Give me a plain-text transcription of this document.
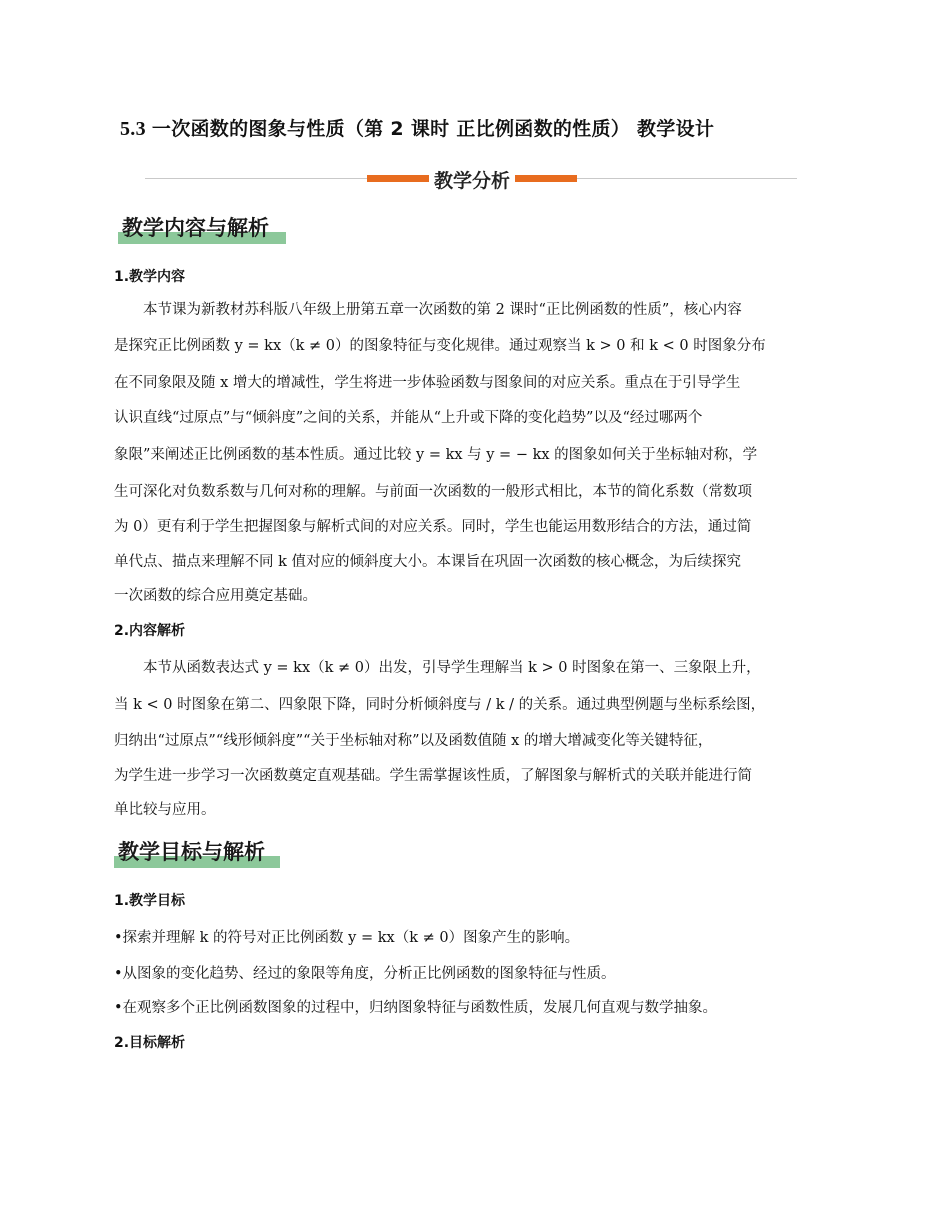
5.3 一次函数的图象与性质（第 2 课时 正比例函数的性质） 教学设计
教学分析
教学内容与解析
1.教学内容
　　本节课为新教材苏科版八年级上册第五章一次函数的第 2 课时“正比例函数的性质”，核心内容
是探究正比例函数 y = kx（k ≠ 0）的图象特征与变化规律。通过观察当 k > 0 和 k < 0 时图象分布
在不同象限及随 x 增大的增减性，学生将进一步体验函数与图象间的对应关系。重点在于引导学生
认识直线“过原点”与“倾斜度”之间的关系，并能从“上升或下降的变化趋势”以及“经过哪两个
象限”来阐述正比例函数的基本性质。通过比较 y = kx 与 y = − kx 的图象如何关于坐标轴对称，学
生可深化对负数系数与几何对称的理解。与前面一次函数的一般形式相比，本节的简化系数（常数项
为 0）更有利于学生把握图象与解析式间的对应关系。同时，学生也能运用数形结合的方法，通过简
单代点、描点来理解不同 k 值对应的倾斜度大小。本课旨在巩固一次函数的核心概念，为后续探究
一次函数的综合应用奠定基础。
2.内容解析
　　本节从函数表达式 y = kx（k ≠ 0）出发，引导学生理解当 k > 0 时图象在第一、三象限上升，
当 k < 0 时图象在第二、四象限下降，同时分析倾斜度与 / k / 的关系。通过典型例题与坐标系绘图，
归纳出“过原点”“线形倾斜度”“关于坐标轴对称”以及函数值随 x 的增大增减变化等关键特征，
为学生进一步学习一次函数奠定直观基础。学生需掌握该性质，了解图象与解析式的关联并能进行简
单比较与应用。
教学目标与解析
1.教学目标
•探索并理解 k 的符号对正比例函数 y = kx（k ≠ 0）图象产生的影响。
•从图象的变化趋势、经过的象限等角度，分析正比例函数的图象特征与性质。
•在观察多个正比例函数图象的过程中，归纳图象特征与函数性质，发展几何直观与数学抽象。
2.目标解析
